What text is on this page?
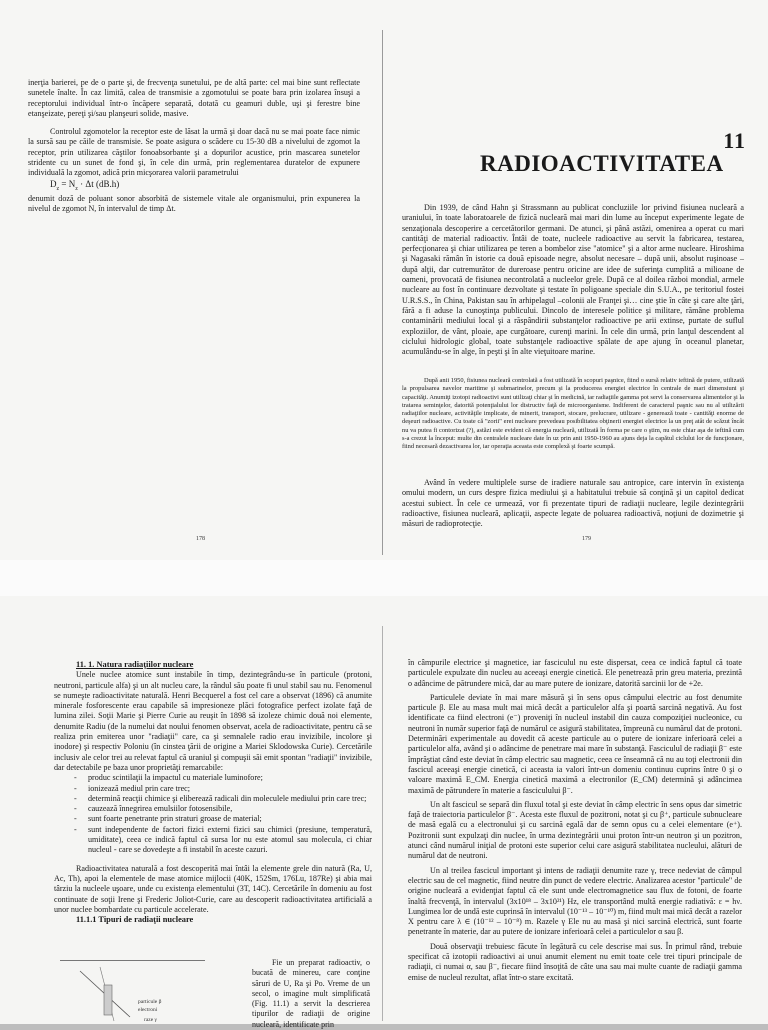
inerţia barierei, pe de o parte şi, de frecvenţa sunetului, pe de altă parte: cel mai bine sunt reflectate sunetele înalte. În caz limită, calea de transmisie a zgomotului se poate bara prin izolarea însuşi a receptorului individual într-o încăpere separată, dotată cu geamuri duble, uşi şi ferestre bine etanşeizate, pereţi şi/sau planşeuri solide, masive.

Controlul zgomotelor la receptor este de lăsat la urmă şi doar dacă nu se mai poate face nimic la sursă sau pe căile de transmisie. Se poate asigura o scădere cu 15-30 dB a nivelului de zgomot la receptor, prin utilizarea căştilor fonoabsorbante şi a dopurilor acustice, prin mascarea sunetelor stridente cu un sunet de fond şi, în cele din urmă, prin reglementarea duratelor de expunere individuală la zgomot, adică prin micşorarea valorii parametrului

$D_z = N_z \cdot \Delta t$ (dB.h)

denumit doză de poluant sonor absorbită de sistemele vitale ale organismului, prin expunerea la nivelul de zgomot N, în intervalul de timp Δt.

178
11
RADIOACTIVITATEA

Din 1939, de când Hahn şi Strassmann au publicat concluziile lor privind fisiunea nucleară a uraniului, în toate laboratoarele de fizică nucleară mai mari din lume au început experimente legate de senzaţionala descoperire a cercetătorilor germani. De atunci, şi până astăzi, omenirea a operat cu mari cantităţi de material radioactiv. Întâi de toate, nucleele radioactive au servit la fabricarea, testarea, perfecţionarea şi chiar utilizarea pe teren a bombelor zise "atomice" şi a altor arme nucleare. Hiroshima şi Nagasaki rămân în istorie ca două episoade negre, absolut necesare – după unii, absolut ruşinoase –după alţii, dar cutremurător de dureroase pentru oricine are idee de suferinţa cumplită a milioane de oameni, provocată de fisiunea necontrolată a nucleelor grele. După ce al doilea război mondial, armele nucleare au fost în continuare dezvoltate şi testate în poligoane speciale din S.U.A., pe teritoriul fostei U.R.S.S., în China, Pakistan sau în arhipelagul –colonii ale Franţei şi… cine ştie în câte şi care alte ţări, fără a fi aduse la cunoştinţa publicului. Dincolo de interesele politice şi militare, rămâne problema contaminării mediului local şi a răspândirii substanţelor radioactive pe arii extinse, purtate de suflul exploziilor, de vânt, ploaie, ape curgătoare, curenţi marini. În cele din urmă, prin lanţul descendent al ciclului hidrologic global, toate substanţele radioactive spălate de ape ajung în oceanul planetar, acumulându-se în alge, în peşti şi în alte vieţuitoare marine.

După anii 1950, fisiunea nucleară controlată a fost utilizată în scopuri paşnice, fiind o sursă relativ ieftină de putere, utilizată la propulsarea navelor maritime şi submarinelor, precum şi la producerea energiei electrice în centrale de mari dimensiuni şi capacităţi. Anumiţi izotopi radioactivi sunt utilizaţi chiar şi în medicină, iar radiaţiile gamma pot servi la conservarea alimentelor şi la tratarea seminţelor, datorită potenţialului lor distructiv faţă de microorganisme. Indiferent de caracterul paşnic sau nu al utilizării radiaţiilor nucleare, activităţile implicate, de minerit, transport, stocare, prelucrare, utilizare - generează toate - cantităţi enorme de deşeuri radioactive. Cu toate că "zorii" erei nucleare prevedeau posibilitatea obţinerii energiei electrice la un preţ atât de scăzut încât nu va putea fi contorizat (?), astăzi este evident că energia nucleară, utilizată în forma pe care o ştim, nu este chiar aşa de ieftină cum s-a crezut la început: multe din centralele nucleare date în uz prin anii 1950-1960 au ajuns deja la capătul ciclului lor de funcţionare, fiind necesară dezactivarea lor, iar operaţia aceasta este complexă şi foarte scumpă.

Având în vedere multiplele surse de iradiere naturale sau antropice, care intervin în existenţa omului modern, un curs despre fizica mediului şi a habitatului trebuie să conţină şi un capitol dedicat acestui subiect. În cele ce urmează, vor fi prezentate tipuri de radiaţii nucleare, legile dezintegrării radioactive, fisiunea nucleară, aplicaţii, aspecte legate de poluarea radioactivă, noţiuni de dozimetrie şi măsuri de radioprotecţie.

179

11. 1. Natura radiaţiilor nucleare

Unele nuclee atomice sunt instabile în timp, dezintegrându-se în particule (protoni, neutroni, particule alfa) şi un alt nucleu care, la rândul său poate fi unul stabil sau nu. Fenomenul se numeşte radioactivitate naturală. Henri Becquerel a fost cel care a observat (1896) că anumite minerale fosforescente erau capabile să impresioneze plăci fotografice perfect izolate faţă de lumina zilei. Soţii Marie şi Pierre Curie au reuşit în 1898 să izoleze chimic două noi elemente, denumite Radiu (de la numelui dat noului fenomen observat, acela de radioactivitate, pentru că se realiza prin emiterea unor "radiaţii" care, ca şi semnalele radio erau invizibile, incolore şi inodore) şi respectiv Poloniu (în cinstea ţării de origine a Mariei Sklodowska Curie). Cercetările inclusiv ale celor trei au relevat faptul că uraniul şi compuşii săi emit spontan "radiaţii" invizibile, dar detectabile pe baza unor proprietăţi remarcabile:

- produc scintilaţii la impactul cu materiale luminofore;
- ionizează mediul prin care trec;
- determină reacţii chimice şi eliberează radicali din moleculele mediului prin care trec;
- cauzează înnegrirea emulsiilor fotosensibile,
- sunt foarte penetrante prin straturi groase de material;
- sunt independente de factori fizici externi fizici sau chimici (presiune, temperatură, umiditate), ceea ce indică faptul că sursa lor nu este atomul sau molecula, ci chiar nucleul - care se dovedeşte a fi instabil în aceste cazuri.

Radioactivitatea naturală a fost descoperită mai întâi la elemente grele din natură (Ra, U, Ac, Th), apoi la elementele de mase atomice mijlocii (40K, 152Sm, 176Lu, 187Re) şi abia mai târziu la nucleele uşoare, unde cu existenţa elementului (3T, 14C). Cercetările în domeniu au fost continuate de soţii Irene şi Frederic Joliot-Curie, care au descoperit radioactivitatea artificială a unor nuclee bombardate cu particule accelerate.

11.1.1 Tipuri de radiaţii nucleare

particule β
electroni
raze γ

Fie un preparat radioactiv, o bucată de minereu, care conţine săruri de U, Ra şi Po. Vreme de un secol, o imagine mult simplificată (Fig. 11.1) a servit la descrierea tipurilor de radiaţii de origine nucleară, identificate prin

în câmpurile electrice şi magnetice, iar fasciculul nu este dispersat, ceea ce indică faptul că toate particulele expulzate din nucleu au aceeaşi energie cinetică. Ele penetrează prin greu materia, prezintă o adâncime de pătrundere mică, dar au mare putere de ionizare, datorită sarcinii lor de +2e.

Particulele deviate în mai mare măsură şi în sens opus câmpului electric au fost denumite particule β. Ele au masa mult mai mică decât a particulelor alfa şi poartă sarcină negativă. Au fost identificate ca fiind electroni (e⁻) proveniţi în nucleul instabil din cauza compoziţiei nucleonice, cu neutroni în număr superior faţă de numărul ce asigură stabilitatea, împreună cu numărul dat de protoni. Determinări experimentale au dovedit că aceste particule au o putere de ionizare inferioară celei a particulelor alfa, având şi o adâncime de penetrare mai mare în substanţă. Fasciculul de radiaţii β⁻ este împrăştiat când este deviat în câmp electric sau magnetic, ceea ce înseamnă că nu au toţi electronii din fascicul aceeaşi energie cinetică, ci aceasta ia valori într-un domeniu continuu cuprins între 0 şi o valoare maximă E_CM. Energia cinetică maximă a electronilor (E_CM) determină şi adâncimea maximă de pătrundere în materie a fasciculului β⁻.

Un alt fascicul se separă din fluxul total şi este deviat în câmp electric în sens opus dar simetric faţă de traiectoria particulelor β⁻. Acesta este fluxul de pozitroni, notat şi cu β⁺, particule subnucleare de masă egală cu a electronului şi cu sarcină egală dar de semn opus cu a celei elementare (e⁺). Pozitronii sunt expulzaţi din nuclee, în urma dezintegrării unui proton într-un neutron şi un pozitron, atunci când numărul iniţial de protoni este superior celui care asigură stabilitatea nucleului, alături de numărul dat de neutroni.

Un al treilea fascicul important şi intens de radiaţii denumite raze γ, trece nedeviat de câmpul electric sau de cel magnetic, fiind neutre din punct de vedere electric. Analizarea acestor "particule" de origine nucleară a evidenţiat faptul că ele sunt unde electromagnetice sau flux de fotoni, de foarte înaltă frecvenţă, în intervalul (3x10¹⁸ – 3x10²¹) Hz, ele transportând multă energie radiativă: ε = hν. Lungimea lor de undă este cuprinsă în intervalul (10⁻¹³ – 10⁻¹⁰) m, fiind mult mai mică decât a razelor X pentru care λ ∈ (10⁻¹² – 10⁻⁸) m. Razele γ Ele nu au masă şi nici sarcină electrică, sunt foarte penetrante în materie, dar au putere de ionizare inferioară celei a particulelor α sau β.

Două observaţii trebuiesc făcute în legătură cu cele descrise mai sus. În primul rând, trebuie specificat că izotopii radioactivi ai unui anumit element nu emit toate cele trei tipuri principale de radiaţii, ci numai α, sau β⁻, fiecare fiind însoţită de câte una sau mai multe cuante de radiaţii gamma emise de nucleul rezultat, aflat într-o stare excitată.
